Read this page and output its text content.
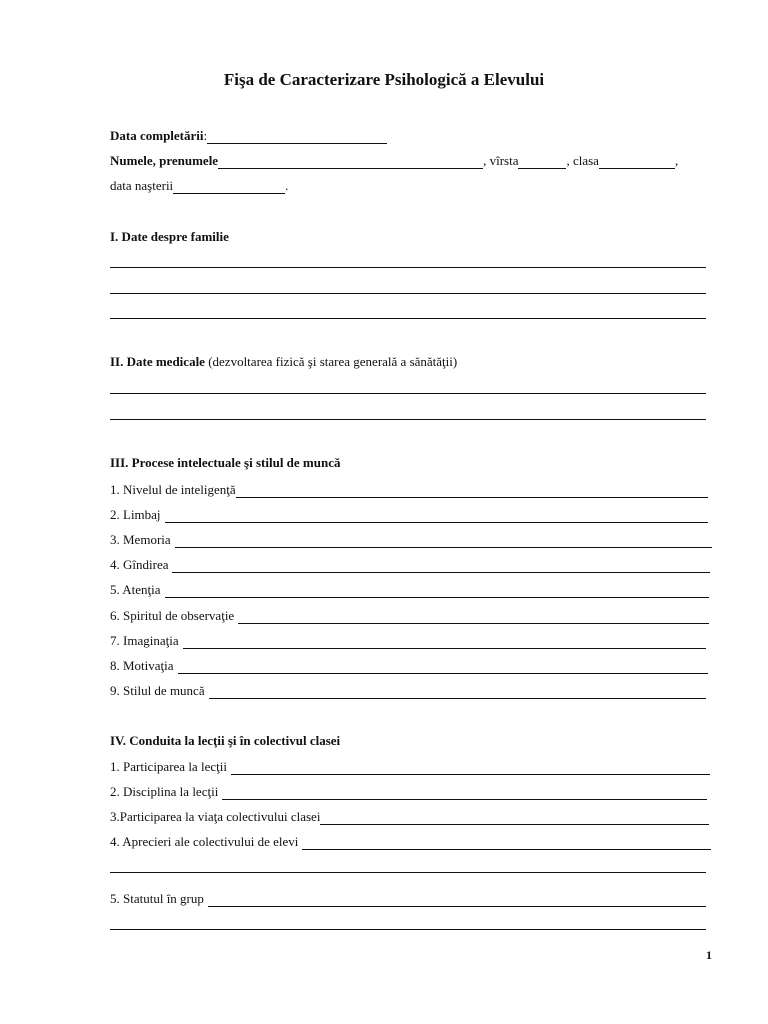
Fişa de Caracterizare Psihologică a Elevului
Data completării :
Numele, prenumele	, vîrsta	, clasa	,
data naşterii	.
I. Date despre familie
II. Date medicale (dezvoltarea fizică şi starea generală a sănătăţii)
III. Procese intelectuale şi stilul de muncă
1. Nivelul de inteligenţă
2. Limbaj
3. Memoria
4. Gîndirea
5. Atenţia
6. Spiritul de observaţie
7. Imaginaţia
8. Motivaţia
9. Stilul de muncă
IV. Conduita la lecţii şi în colectivul clasei
1. Participarea la lecţii
2. Disciplina la lecţii
3.Participarea la viaţa colectivului clasei
4. Aprecieri ale colectivului de elevi
5. Statutul în grup
1
